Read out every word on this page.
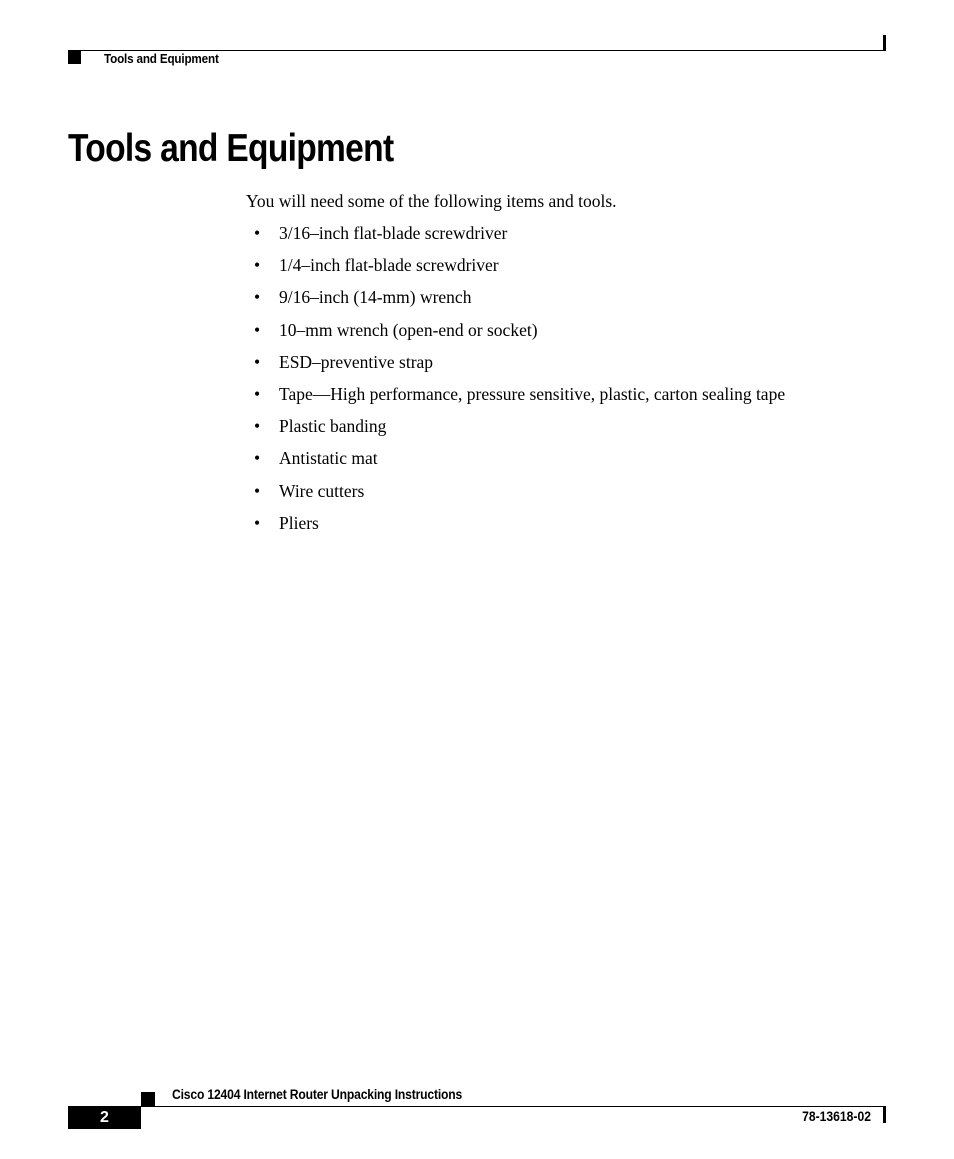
Tools and Equipment
Tools and Equipment

You will need some of the following items and tools.

• 3/16–inch flat-blade screwdriver
• 1/4–inch flat-blade screwdriver
• 9/16–inch (14-mm) wrench
• 10–mm wrench (open-end or socket)
• ESD–preventive strap
• Tape—High performance, pressure sensitive, plastic, carton sealing tape
• Plastic banding
• Antistatic mat
• Wire cutters
• Pliers
Cisco 12404 Internet Router Unpacking Instructions
2	78-13618-02
